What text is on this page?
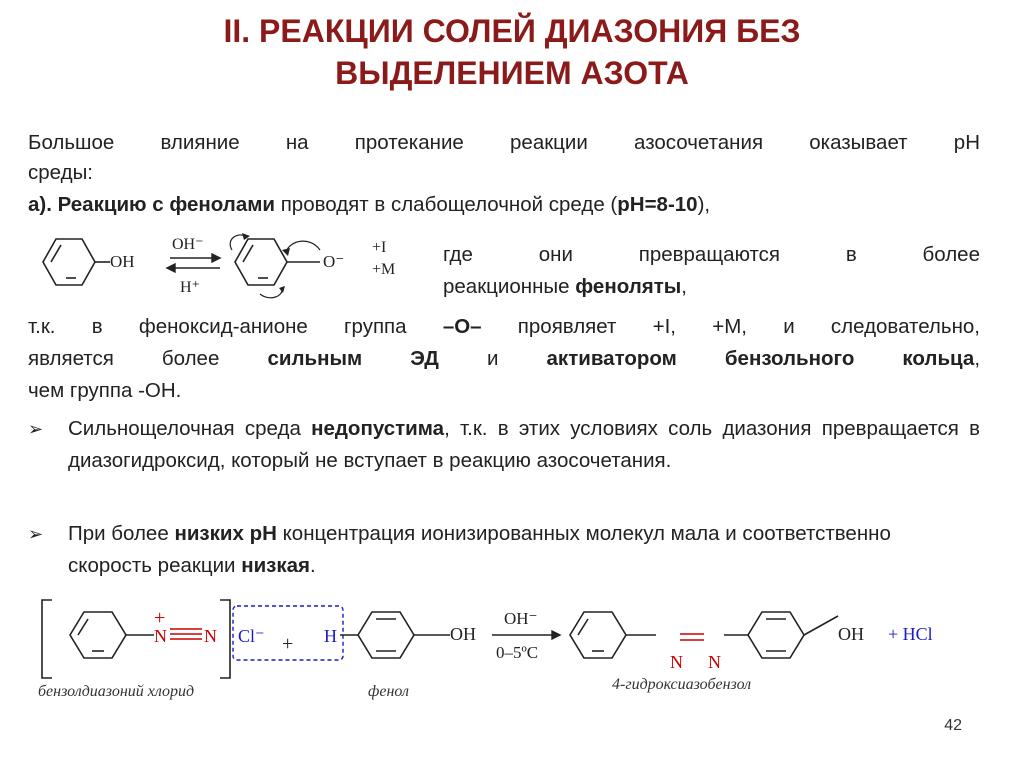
II. РЕАКЦИИ СОЛЕЙ ДИАЗОНИЯ БЕЗ
ВЫДЕЛЕНИЕМ АЗОТА
Большое влияние на протекание реакции азосочетания оказывает рН
среды:
а). Реакцию с фенолами проводят в слабощелочной среде (рН=8-10),
OH
OH⁻
H⁺
O⁻
+I
+M
где они превращаются в более
реакционные феноляты,
т.к. в феноксид-анионе группа –О– проявляет +I, +М, и следовательно,
является более сильным ЭД и активатором бензольного кольца,
чем группа -ОН.
➢ Сильнощелочная среда недопустима, т.к. в этих условиях соль диазония превращается в диазогидроксид, который не вступает в реакцию азосочетания.
➢ При более низких рН концентрация ионизированных молекул мала и соответственно скорость реакции низкая.
+
N N Cl⁻ + H	OH
OH⁻
0–5ºС	N N
OH + HCl
бензолдиазоний хлорид	фенол	4-гидроксиазобензол
42
